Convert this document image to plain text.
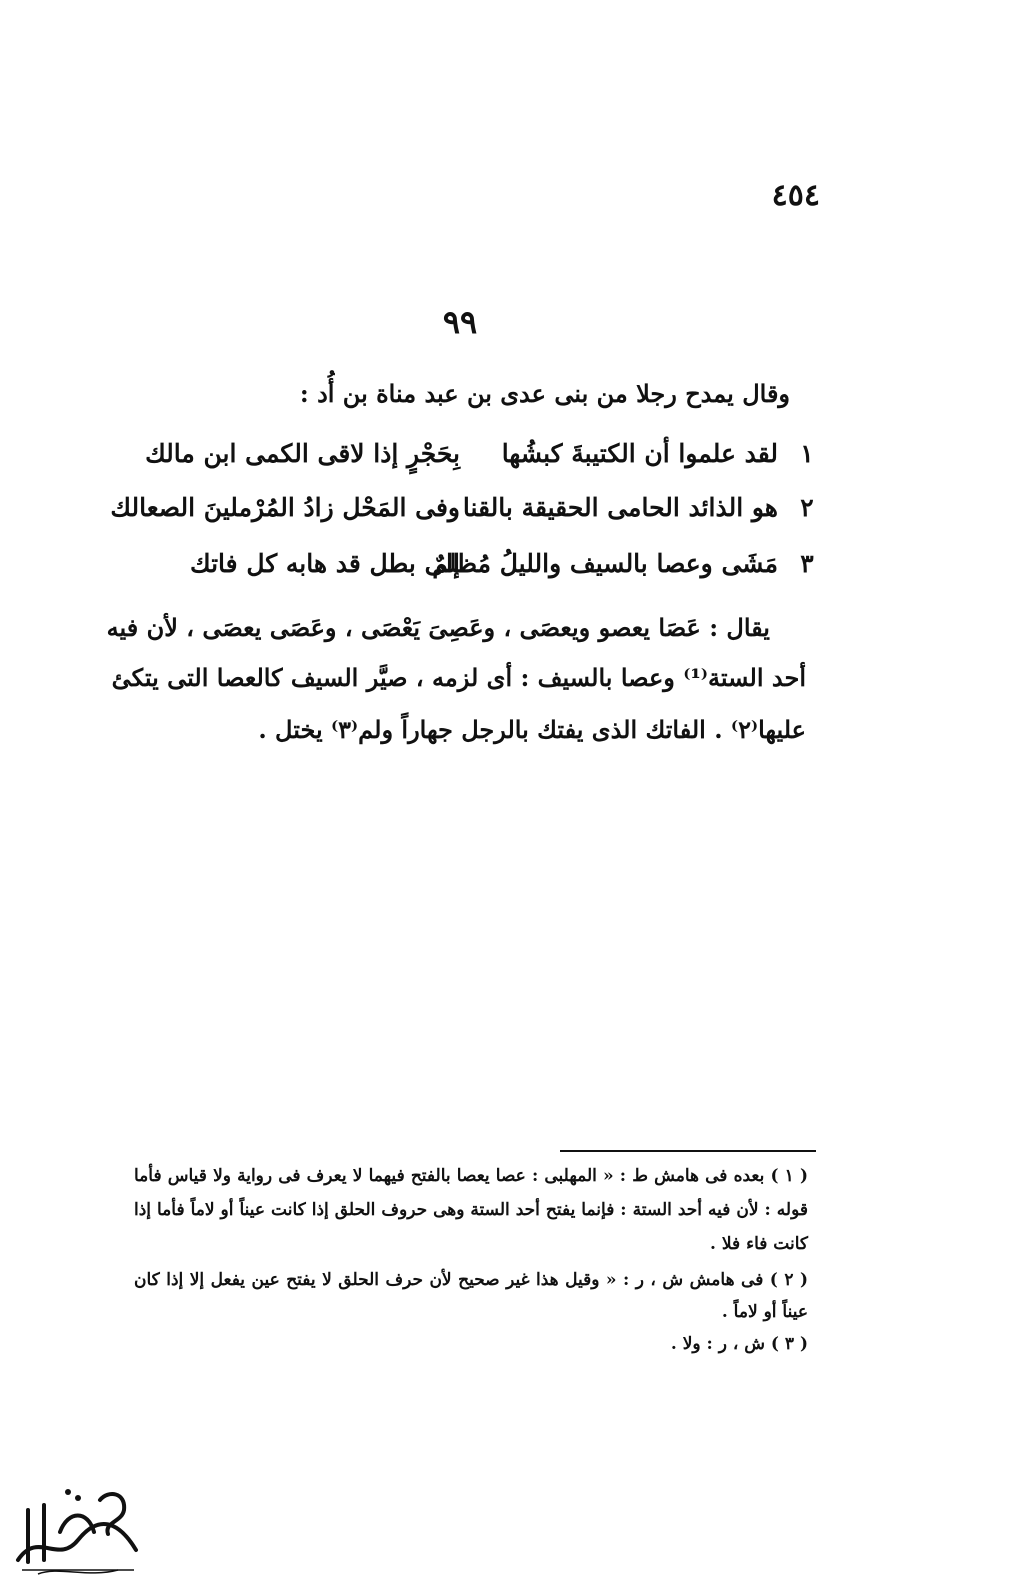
٤٥٤
٩٩
وقال يمدح رجلا من بنى عدى بن عبد مناة بن أُد :
١
لقد علموا أن الكتيبةَ كبشُها
بِحَجْرٍ إذا لاقى الكمى ابن مالك
٢
هو الذائد الحامى الحقيقة بالقنا
وفى المَحْل زادُ المُرْملينَ الصعالك
٣
مَشَى وعصا بالسيف والليلُ مُظلمٌ
إلى بطل قد هابه كل فاتك
يقال : عَصَا يعصو ويعصَى ، وعَصِىَ يَعْصَى ، وعَصَى يعصَى ، لأن فيه
أحد الستة⁽¹⁾ وعصا بالسيف : أى لزمه ، صيَّر السيف كالعصا التى يتكئ
عليها⁽٢⁾ . الفاتك الذى يفتك بالرجل جهاراً ولم⁽٣⁾ يختل .
( ١ ) بعده فى هامش ط : « المهلبى : عصا يعصا بالفتح فيهما لا يعرف فى رواية ولا قياس فأما
قوله : لأن فيه أحد الستة : فإنما يفتح أحد الستة وهى حروف الحلق إذا كانت عيناً أو لاماً فأما إذا
كانت فاء فلا .
( ٢ ) فى هامش ش ، ر : « وقيل هذا غير صحيح لأن حرف الحلق لا يفتح عين يفعل إلا إذا كان
عيناً أو لاماً .
( ٣ ) ش ، ر : ولا .
